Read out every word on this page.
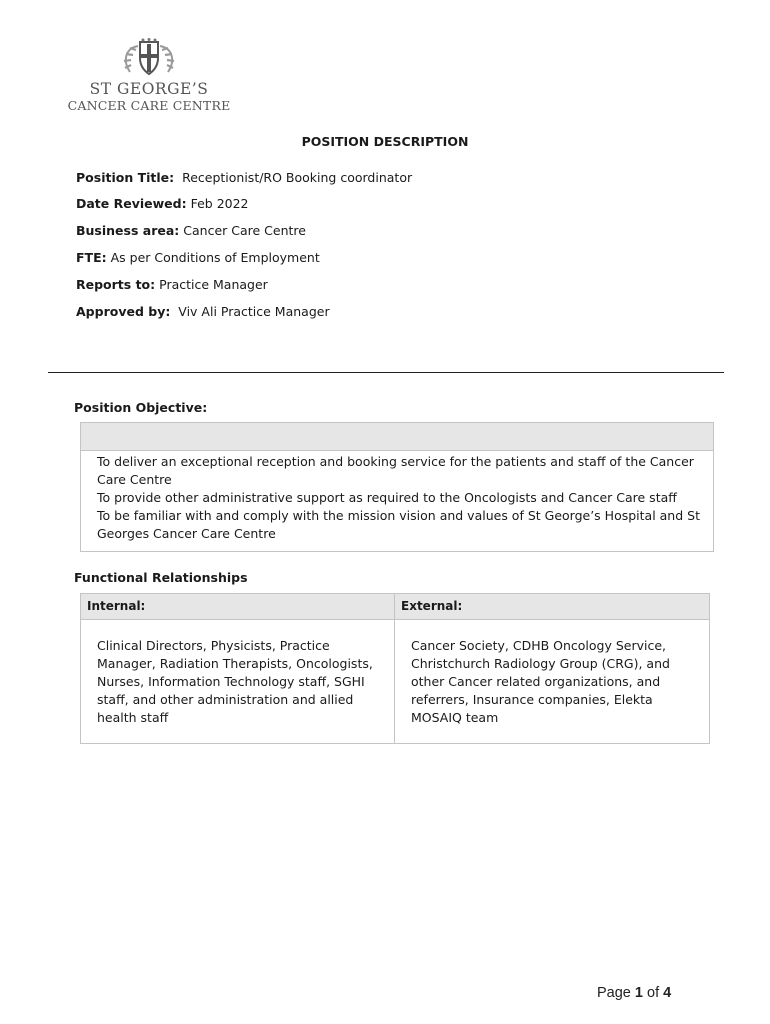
ST GEORGE’S
CANCER CARE CENTRE
POSITION DESCRIPTION
Position Title: Receptionist/RO Booking coordinator
Date Reviewed: Feb 2022
Business area: Cancer Care Centre
FTE: As per Conditions of Employment
Reports to: Practice Manager
Approved by: Viv Ali Practice Manager
Position Objective:
To deliver an exceptional reception and booking service for the patients and staff of the Cancer Care Centre
To provide other administrative support as required to the Oncologists and Cancer Care staff
To be familiar with and comply with the mission vision and values of St George’s Hospital and St Georges Cancer Care Centre
Functional Relationships
Internal:	External:
Clinical Directors, Physicists, Practice Manager, Radiation Therapists, Oncologists, Nurses, Information Technology staff, SGHI staff, and other administration and allied health staff
Cancer Society, CDHB Oncology Service, Christchurch Radiology Group (CRG), and other Cancer related organizations, and referrers, Insurance companies, Elekta MOSAIQ team
Page 1 of 4
